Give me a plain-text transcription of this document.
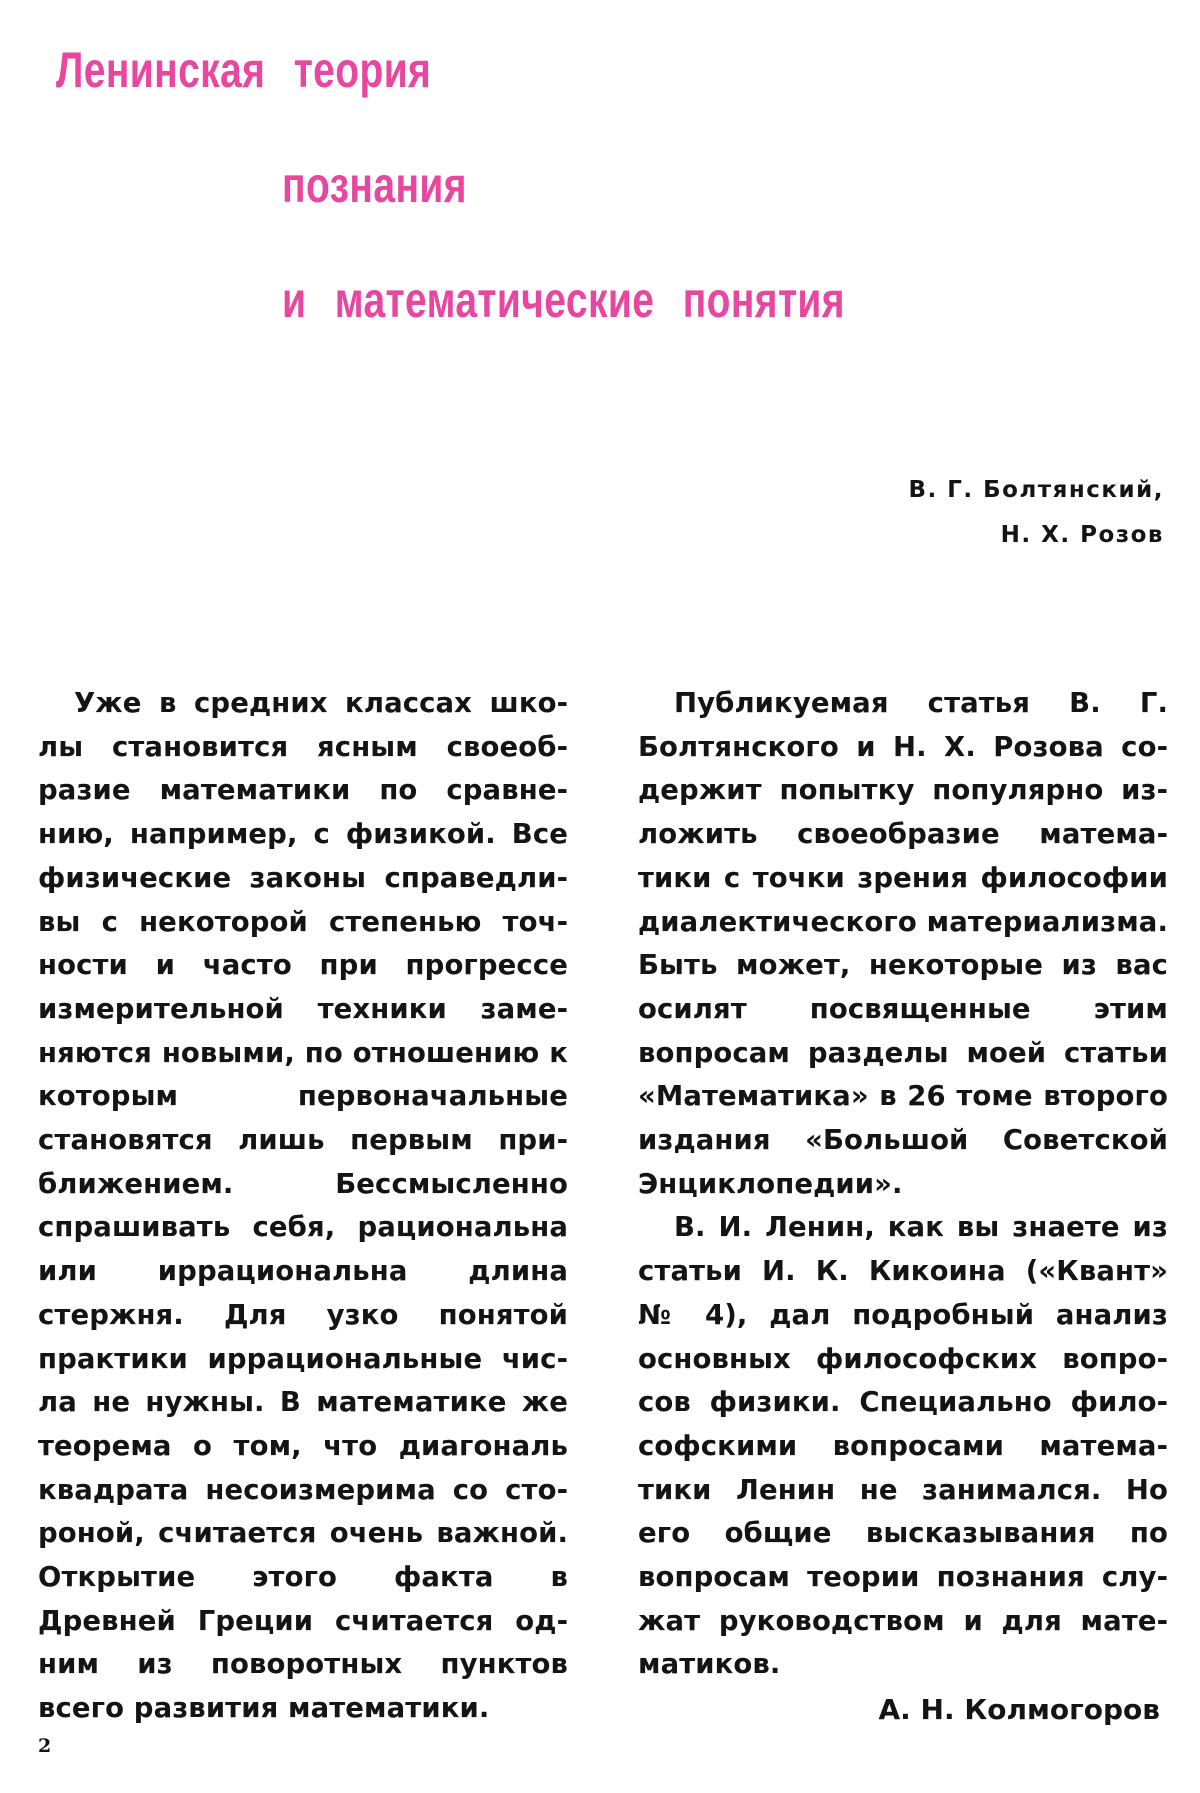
Ленинская теория
познания
и математические понятия
В. Г. Болтянский,
Н. Х. Розов

Уже в средних классах школы становится ясным своеобразие математики по сравнению, например, с физикой. Все физические законы справедливы с некоторой степенью точности и часто при прогрессе измерительной техники заменяются новыми, по отношению к которым первоначальные становятся лишь первым приближением. Бессмысленно спрашивать себя, рациональна или иррациональна длина стержня. Для узко понятой практики иррациональные числа не нужны. В математике же теорема о том, что диагональ квадрата несоизмерима со стороной, считается очень важной. Открытие этого факта в Древней Греции считается одним из поворотных пунктов всего развития математики.

Публикуемая статья В. Г. Болтянского и Н. Х. Розова содержит попытку популярно изложить своеобразие математики с точки зрения философии диалектического материализма. Быть может, некоторые из вас осилят посвященные этим вопросам разделы моей статьи «Математика» в 26 томе второго издания «Большой Советской Энциклопедии».

В. И. Ленин, как вы знаете из статьи И. К. Кикоина («Квант» № 4), дал подробный анализ основных философских вопросов физики. Специально философскими вопросами математики Ленин не занимался. Но его общие высказывания по вопросам теории познания служат руководством и для математиков.

А. Н. Колмогоров
2
